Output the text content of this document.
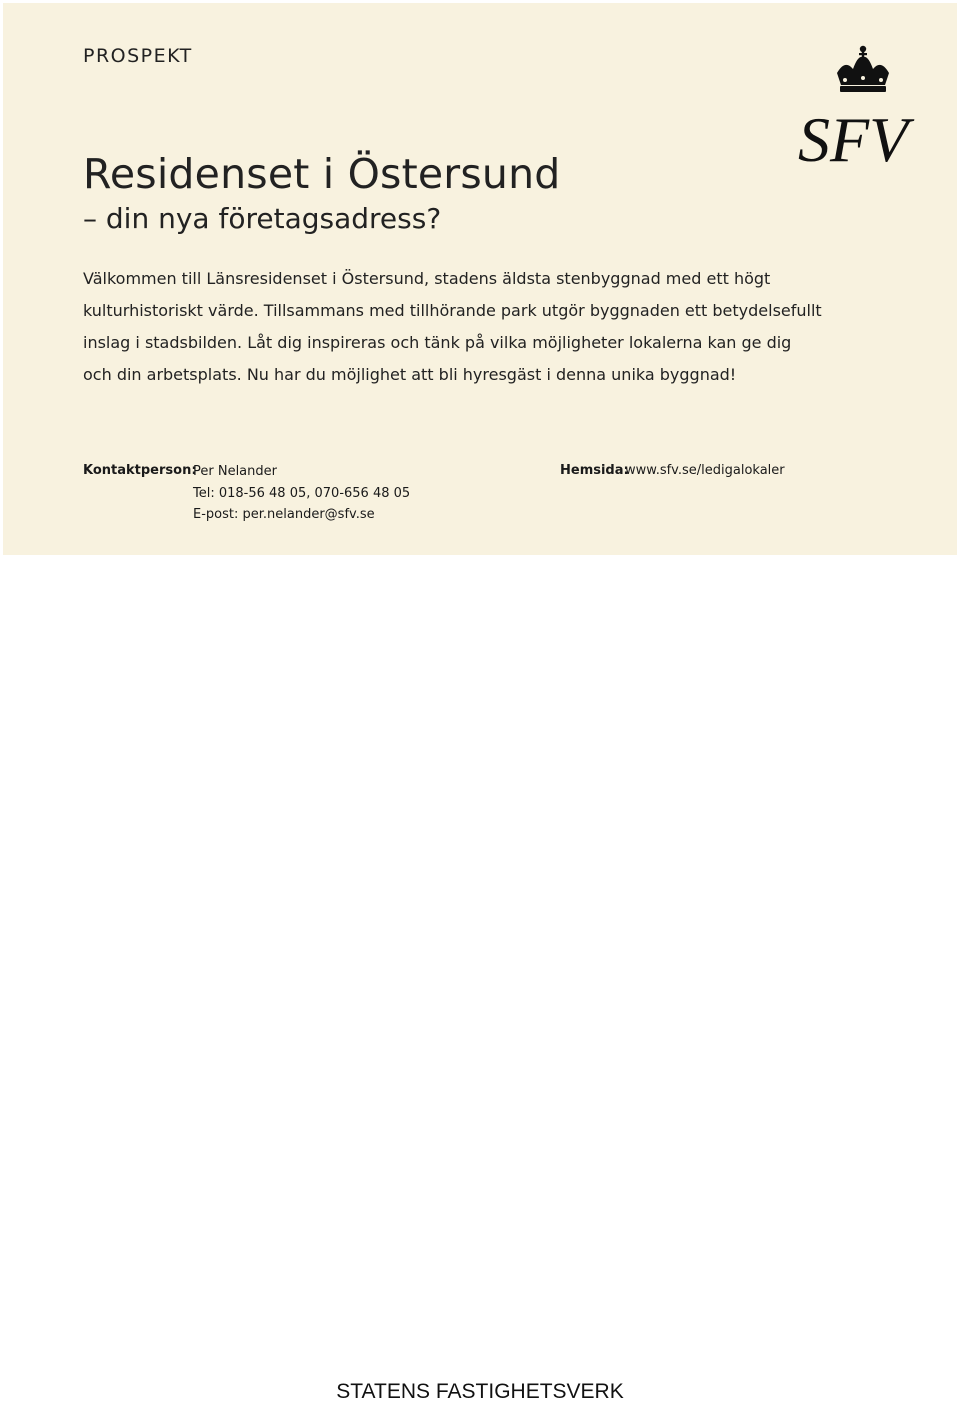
PROSPEKT
SFV
Residenset i Östersund
– din nya företagsadress?

Välkommen till Länsresidenset i Östersund, stadens äldsta stenbyggnad med ett högt kulturhistoriskt värde. Tillsammans med tillhörande park utgör byggnaden ett betydelsefullt inslag i stadsbilden. Låt dig inspireras och tänk på vilka möjligheter lokalerna kan ge dig och din arbetsplats. Nu har du möjlighet att bli hyresgäst i denna unika byggnad!

Kontaktperson:
Per Nelander
Tel: 018-56 48 05, 070-656 48 05
E-post: per.nelander@sfv.se
Hemsida:
www.sfv.se/ledigalokaler
STATENS FASTIGHETSVERK
